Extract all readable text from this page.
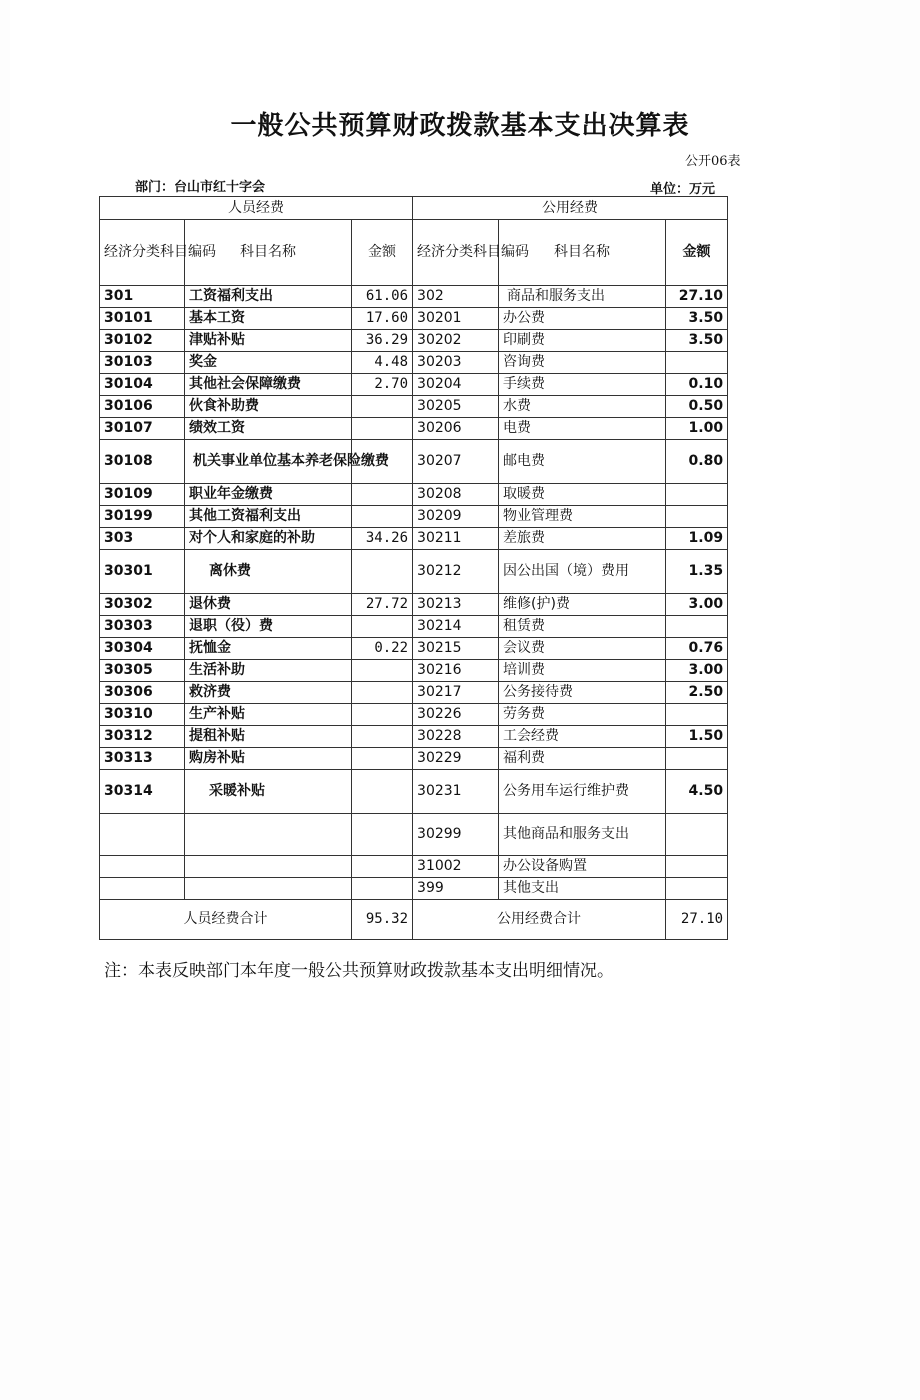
一般公共预算财政拨款基本支出决算表
公开06表
部门：台山市红十字会	单位：万元
人员经费			公用经费		
经济分类科目编码	科目名称	金额	经济分类科目编码	科目名称	金额
301	工资福利支出	61.06	302	商品和服务支出	27.10
30101	基本工资	17.60	30201	办公费	3.50
30102	津贴补贴	36.29	30202	印刷费	3.50
30103	奖金	4.48	30203	咨询费	
30104	其他社会保障缴费	2.70	30204	手续费	0.10
30106	伙食补助费		30205	水费	0.50
30107	绩效工资		30206	电费	1.00
30108	机关事业单位基本养老保险缴费		30207	邮电费	0.80
30109	职业年金缴费		30208	取暖费	
30199	其他工资福利支出		30209	物业管理费	
303	对个人和家庭的补助	34.26	30211	差旅费	1.09
30301	离休费		30212	因公出国（境）费用	1.35
30302	退休费	27.72	30213	维修(护)费	3.00
30303	退职（役）费		30214	租赁费	
30304	抚恤金	0.22	30215	会议费	0.76
30305	生活补助		30216	培训费	3.00
30306	救济费		30217	公务接待费	2.50
30310	生产补贴		30226	劳务费	
30312	提租补贴		30228	工会经费	1.50
30313	购房补贴		30229	福利费	
30314	采暖补贴		30231	公务用车运行维护费	4.50
			30299	其他商品和服务支出	
			31002	办公设备购置	
			399	其他支出	
人员经费合计		95.32	公用经费合计		27.10
注：本表反映部门本年度一般公共预算财政拨款基本支出明细情况。
